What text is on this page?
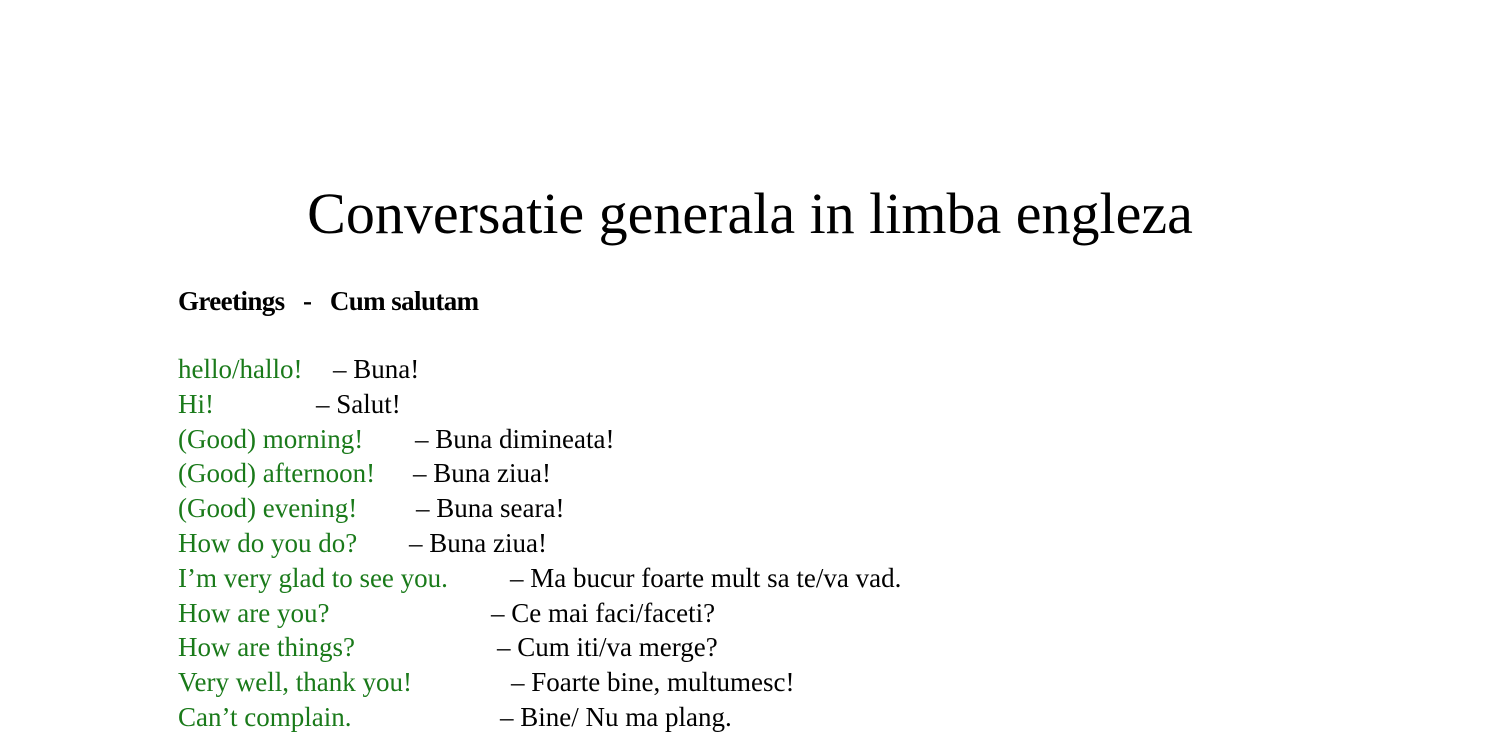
Conversatie generala in limba engleza
Greetings   -   Cum salutam
hello/hallo! – Buna!
Hi!	– Salut!
(Good) morning! – Buna dimineata!
(Good) afternoon! – Buna ziua!
(Good) evening! – Buna seara!
How do you do? – Buna ziua!
I’m very glad to see you. – Ma bucur foarte mult sa te/va vad.
How are you?	– Ce mai faci/faceti?
How are things?	– Cum iti/va merge?
Very well, thank you!	– Foarte bine, multumesc!
Can’t complain.	– Bine/ Nu ma plang.
